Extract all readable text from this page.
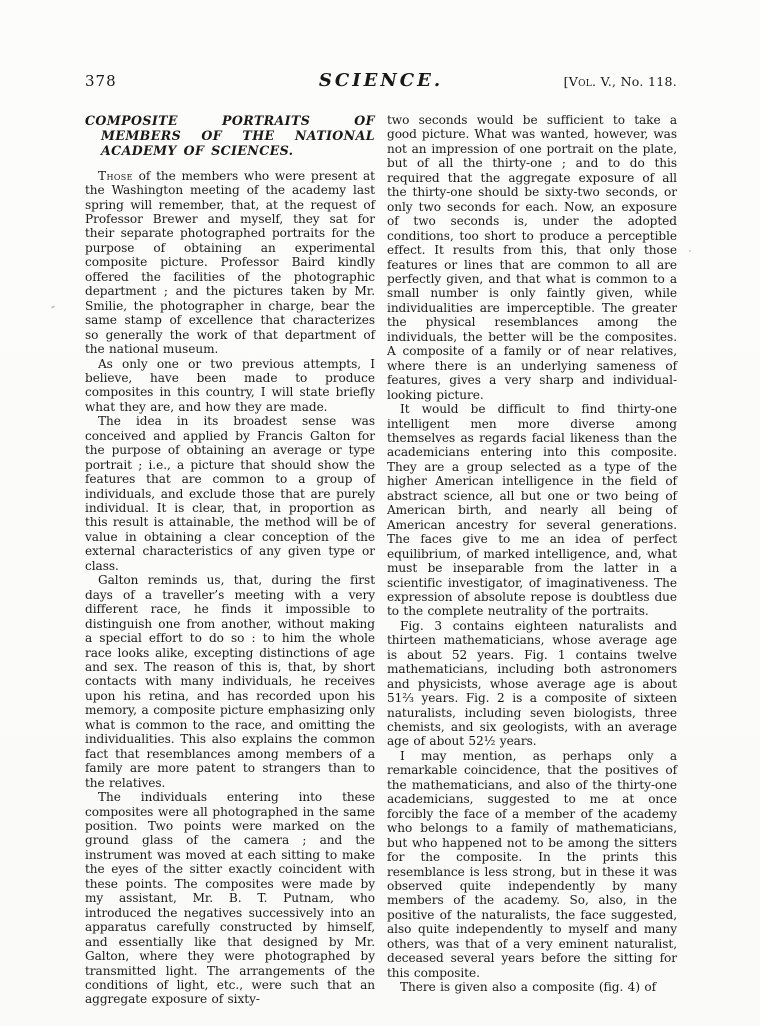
378	SCIENCE.	[Vol. V., No. 118.

COMPOSITE PORTRAITS OF MEMBERS OF THE NATIONAL ACADEMY OF SCIENCES.

Those of the members who were present at the Washington meeting of the academy last spring will remember, that, at the request of Professor Brewer and myself, they sat for their separate photographed portraits for the purpose of obtaining an experimental composite picture. Professor Baird kindly offered the facilities of the photographic department ; and the pictures taken by Mr. Smilie, the photographer in charge, bear the same stamp of excellence that characterizes so generally the work of that department of the national museum.

As only one or two previous attempts, I believe, have been made to produce composites in this country, I will state briefly what they are, and how they are made.

The idea in its broadest sense was conceived and applied by Francis Galton for the purpose of obtaining an average or type portrait ; i.e., a picture that should show the features that are common to a group of individuals, and exclude those that are purely individual. It is clear, that, in proportion as this result is attainable, the method will be of value in obtaining a clear conception of the external characteristics of any given type or class.

Galton reminds us, that, during the first days of a traveller’s meeting with a very different race, he finds it impossible to distinguish one from another, without making a special effort to do so : to him the whole race looks alike, excepting distinctions of age and sex. The reason of this is, that, by short contacts with many individuals, he receives upon his retina, and has recorded upon his memory, a composite picture emphasizing only what is common to the race, and omitting the individualities. This also explains the common fact that resemblances among members of a family are more patent to strangers than to the relatives.

The individuals entering into these composites were all photographed in the same position. Two points were marked on the ground glass of the camera ; and the instrument was moved at each sitting to make the eyes of the sitter exactly coincident with these points. The composites were made by my assistant, Mr. B. T. Putnam, who introduced the negatives successively into an apparatus carefully constructed by himself, and essentially like that designed by Mr. Galton, where they were photographed by transmitted light. The arrangements of the conditions of light, etc., were such that an aggregate exposure of sixty-

two seconds would be sufficient to take a good picture. What was wanted, however, was not an impression of one portrait on the plate, but of all the thirty-one ; and to do this required that the aggregate exposure of all the thirty-one should be sixty-two seconds, or only two seconds for each. Now, an exposure of two seconds is, under the adopted conditions, too short to produce a perceptible effect. It results from this, that only those features or lines that are common to all are perfectly given, and that what is common to a small number is only faintly given, while individualities are imperceptible. The greater the physical resemblances among the individuals, the better will be the composites. A composite of a family or of near relatives, where there is an underlying sameness of features, gives a very sharp and individual-looking picture.

It would be difficult to find thirty-one intelligent men more diverse among themselves as regards facial likeness than the academicians entering into this composite. They are a group selected as a type of the higher American intelligence in the field of abstract science, all but one or two being of American birth, and nearly all being of American ancestry for several generations. The faces give to me an idea of perfect equilibrium, of marked intelligence, and, what must be inseparable from the latter in a scientific investigator, of imaginativeness. The expression of absolute repose is doubtless due to the complete neutrality of the portraits.

Fig. 3 contains eighteen naturalists and thirteen mathematicians, whose average age is about 52 years. Fig. 1 contains twelve mathematicians, including both astronomers and physicists, whose average age is about 51⅔ years. Fig. 2 is a composite of sixteen naturalists, including seven biologists, three chemists, and six geologists, with an average age of about 52½ years.

I may mention, as perhaps only a remarkable coincidence, that the positives of the mathematicians, and also of the thirty-one academicians, suggested to me at once forcibly the face of a member of the academy who belongs to a family of mathematicians, but who happened not to be among the sitters for the composite. In the prints this resemblance is less strong, but in these it was observed quite independently by many members of the academy. So, also, in the positive of the naturalists, the face suggested, also quite independently to myself and many others, was that of a very eminent naturalist, deceased several years before the sitting for this composite.

There is given also a composite (fig. 4) of
